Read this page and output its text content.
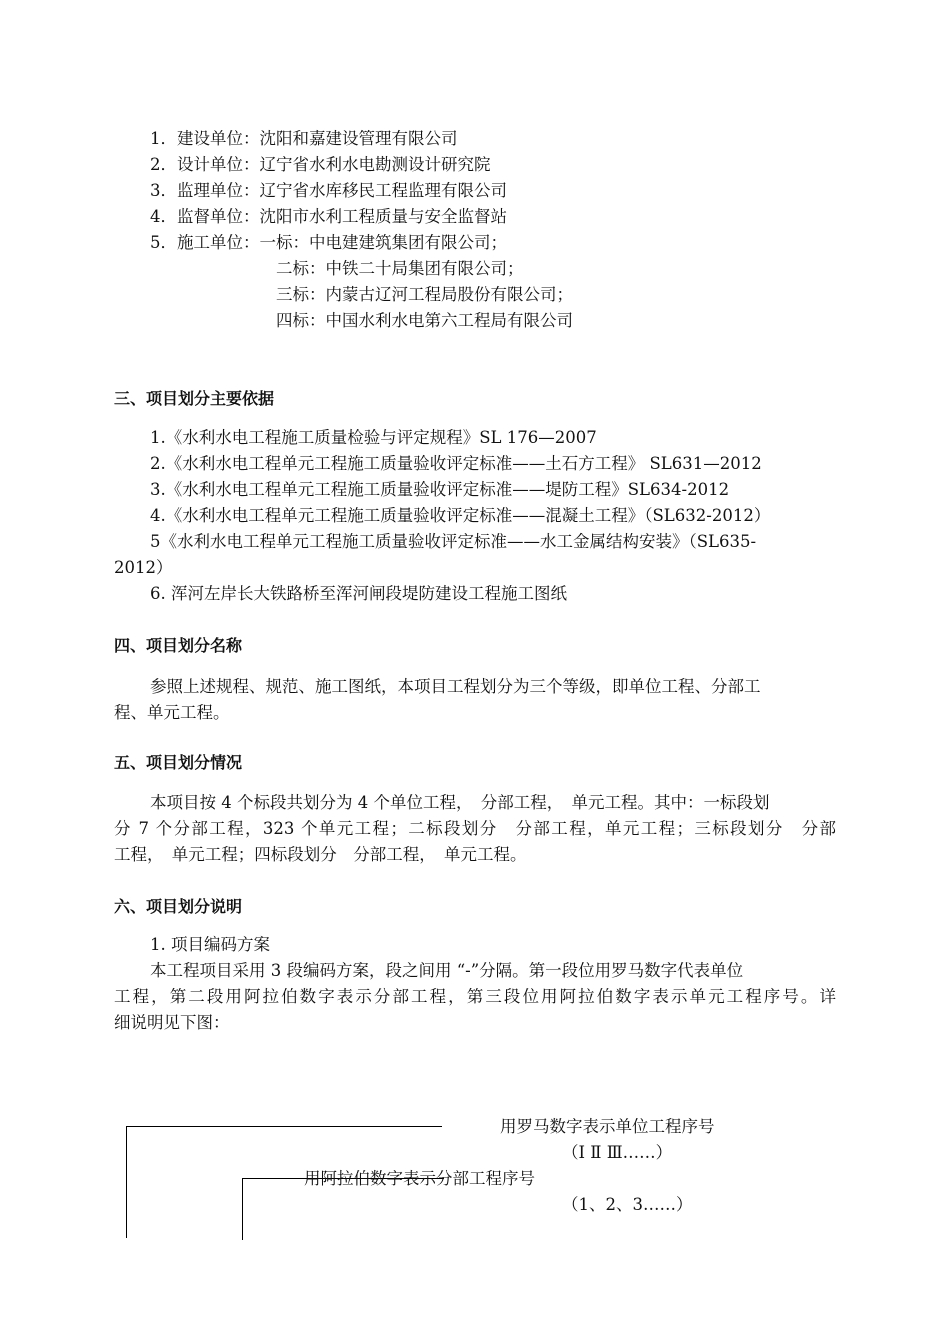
1．建设单位：沈阳和嘉建设管理有限公司
2．设计单位：辽宁省水利水电勘测设计研究院
3．监理单位：辽宁省水库移民工程监理有限公司
4．监督单位：沈阳市水利工程质量与安全监督站
5．施工单位：一标：中电建建筑集团有限公司；
二标：中铁二十局集团有限公司；
三标：内蒙古辽河工程局股份有限公司；
四标：中国水利水电第六工程局有限公司
三、项目划分主要依据
1.《水利水电工程施工质量检验与评定规程》SL 176—2007
2.《水利水电工程单元工程施工质量验收评定标准——土石方工程》 SL631—2012
3.《水利水电工程单元工程施工质量验收评定标准——堤防工程》SL634-2012
4.《水利水电工程单元工程施工质量验收评定标准——混凝土工程》（SL632-2012）
5《水利水电工程单元工程施工质量验收评定标准——水工金属结构安装》（SL635-
2012）
6. 浑河左岸长大铁路桥至浑河闸段堤防建设工程施工图纸
四、项目划分名称
参照上述规程、规范、施工图纸，本项目工程划分为三个等级，即单位工程、分部工
程、单元工程。
五、项目划分情况
本项目按 4 个标段共划分为 4 个单位工程，　分部工程，　单元工程。其中：一标段划
分 7 个分部工程，323 个单元工程；二标段划分　分部工程，单元工程；三标段划分　分部
工程，　单元工程；四标段划分　分部工程，　单元工程。
六、项目划分说明
1. 项目编码方案
本工程项目采用 3 段编码方案，段之间用 “-”分隔。第一段位用罗马数字代表单位
工程，第二段用阿拉伯数字表示分部工程，第三段位用阿拉伯数字表示单元工程序号。详
细说明见下图：
用罗马数字表示单位工程序号
（Ⅰ Ⅱ Ⅲ……）
用阿拉伯数字表示分部工程序号
（1、2、3……）
